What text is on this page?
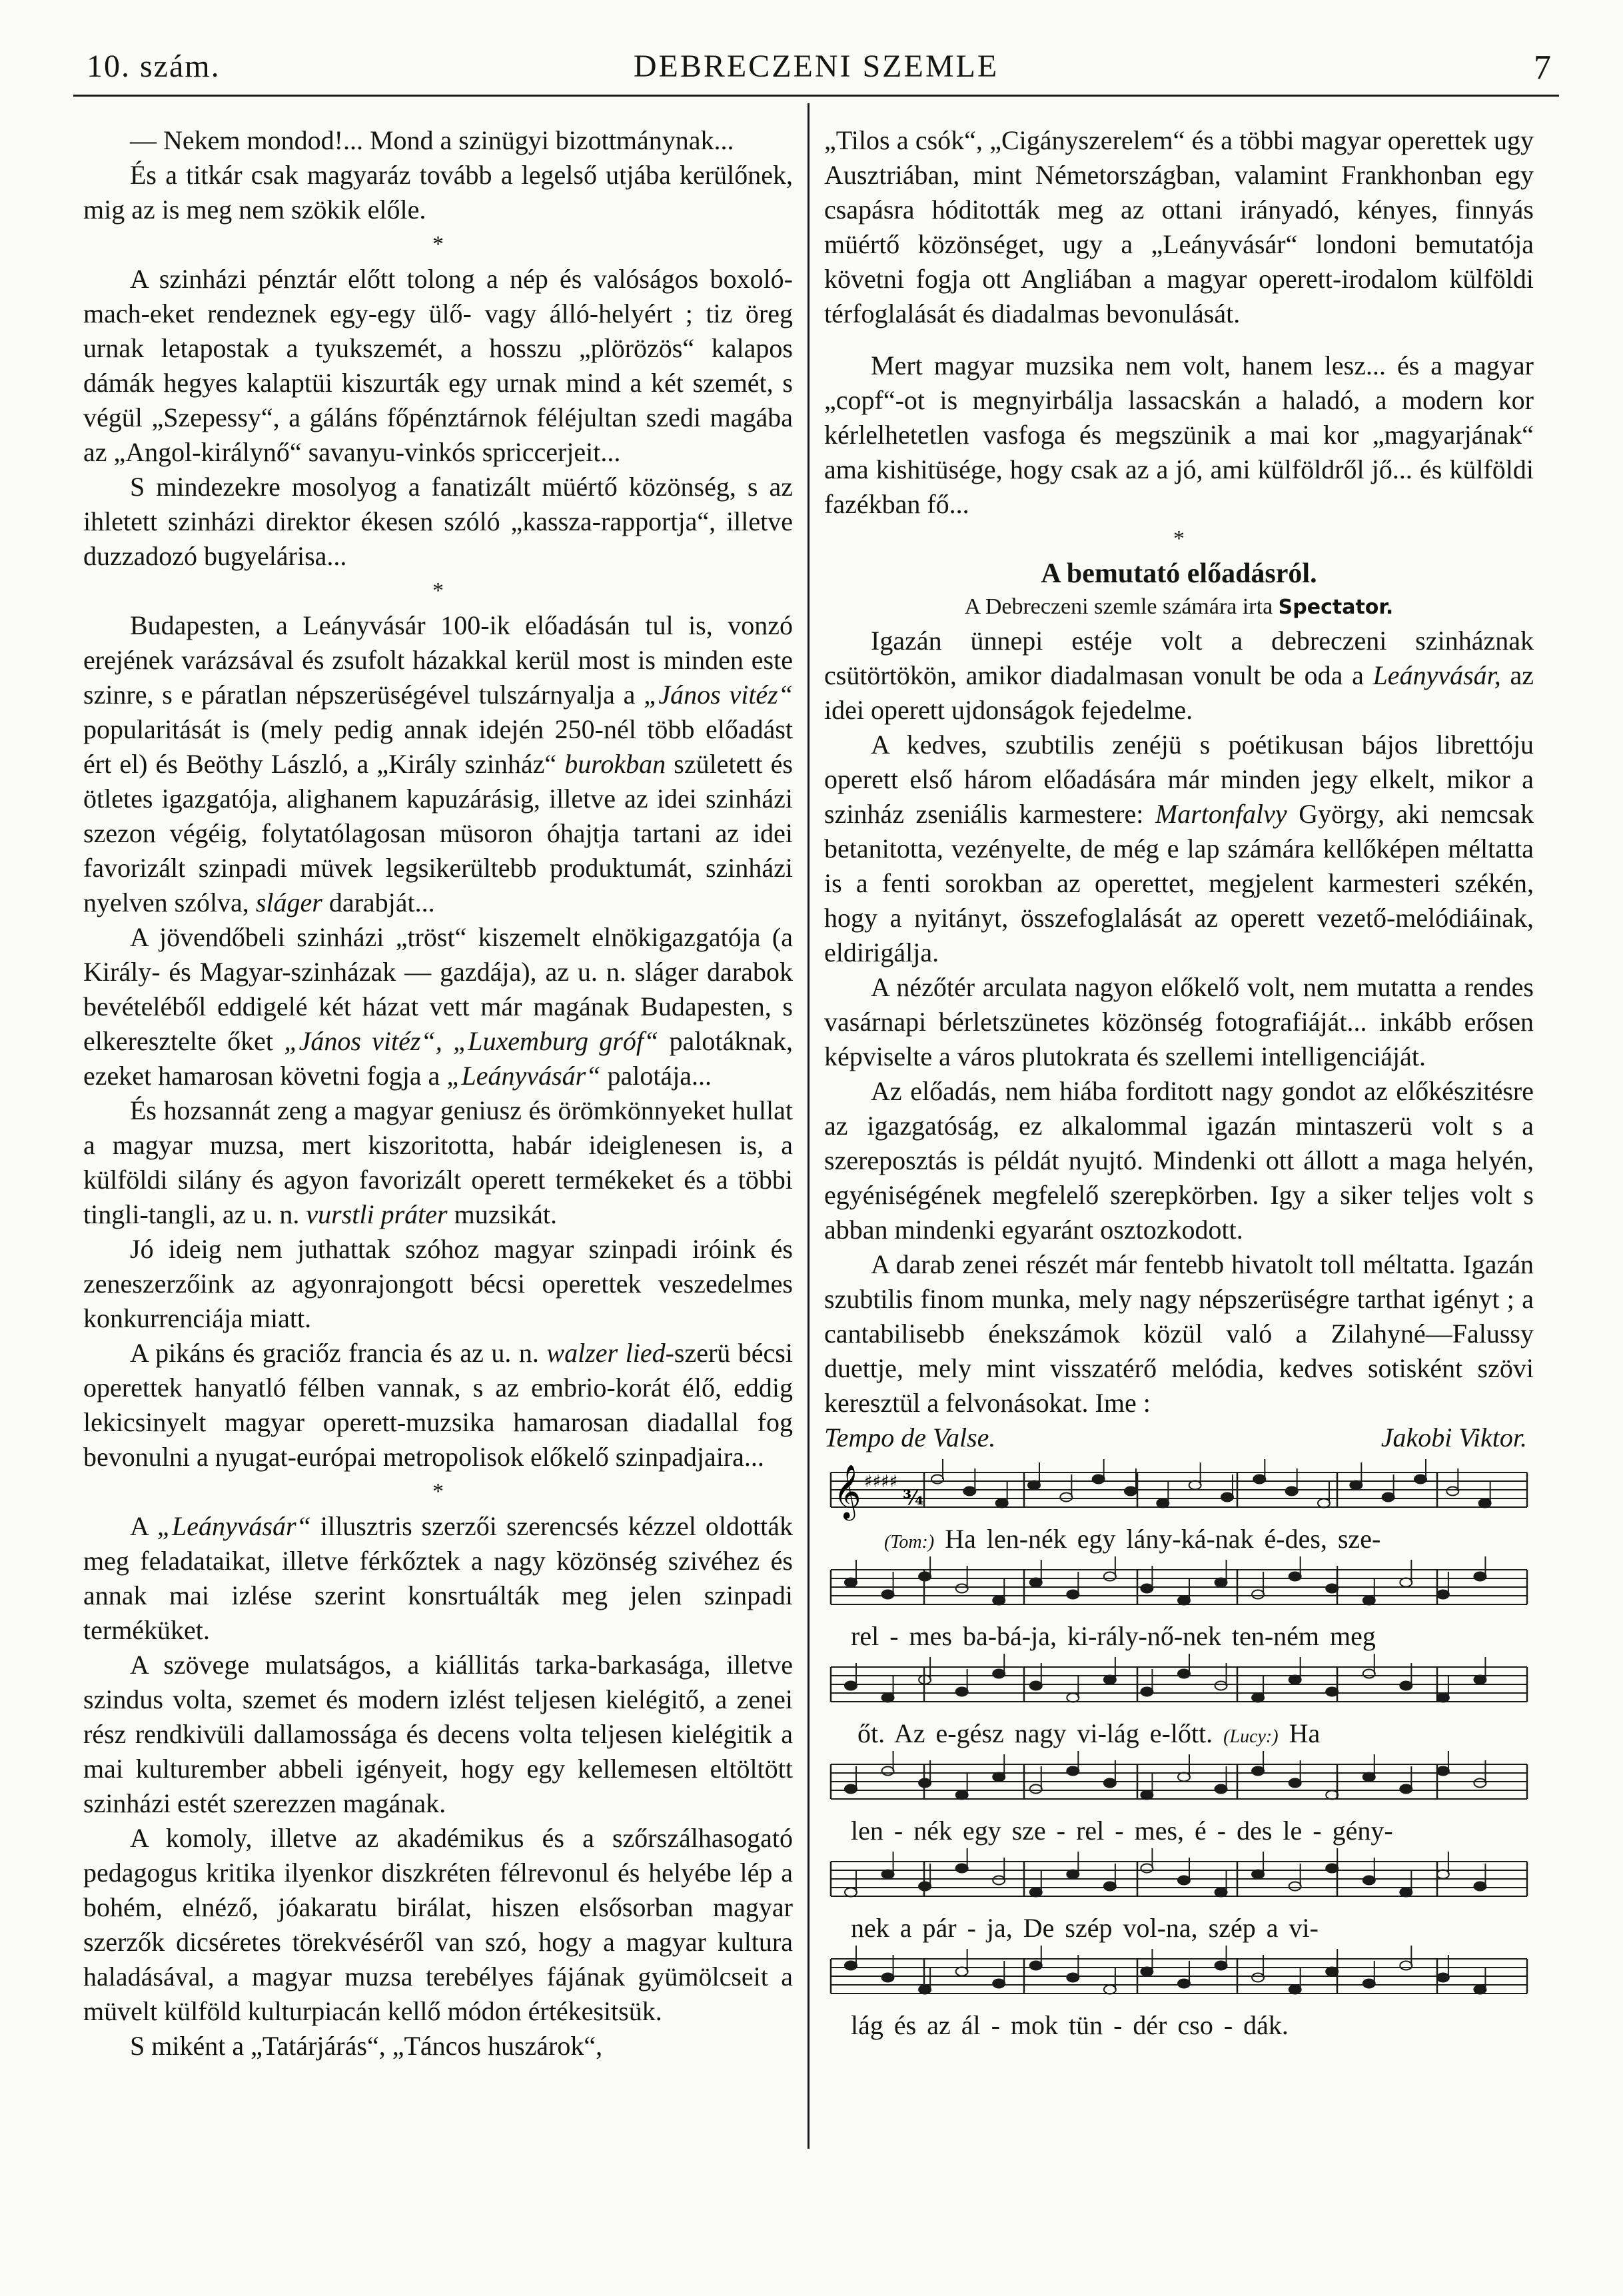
10. szám.	DEBRECZENI SZEMLE	7

— Nekem mondod!... Mond a szinügyi bizottmánynak...

És a titkár csak magyaráz tovább a legelső utjába kerülőnek, mig az is meg nem szökik előle.

*

A szinházi pénztár előtt tolong a nép és valóságos boxoló-mach-eket rendeznek egy-egy ülő- vagy álló-helyért ; tiz öreg urnak letapostak a tyukszemét, a hosszu „plörözös“ kalapos dámák hegyes kalaptüi kiszurták egy urnak mind a két szemét, s végül „Szepessy“, a gáláns főpénztárnok féléjultan szedi magába az „Angol-királynő“ savanyu-vinkós spriccerjeit...

S mindezekre mosolyog a fanatizált müértő közönség, s az ihletett szinházi direktor ékesen szóló „kassza-rapportja“, illetve duzzadozó bugyelárisa...

*

Budapesten, a Leányvásár 100-ik előadásán tul is, vonzó erejének varázsával és zsufolt házakkal kerül most is minden este szinre, s e páratlan népszerüségével tulszárnyalja a „János vitéz“ popularitását is (mely pedig annak idején 250-nél több előadást ért el) és Beöthy László, a „Király szinház“ burokban született és ötletes igazgatója, alighanem kapuzárásig, illetve az idei szinházi szezon végéig, folytatólagosan müsoron óhajtja tartani az idei favorizált szinpadi müvek legsikerültebb produktumát, szinházi nyelven szólva, sláger darabját...

A jövendőbeli szinházi „tröst“ kiszemelt elnökigazgatója (a Király- és Magyar-szinházak — gazdája), az u. n. sláger darabok bevételéből eddigelé két házat vett már magának Budapesten, s elkeresztelte őket „János vitéz“, „Luxemburg gróf“ palotáknak, ezeket hamarosan követni fogja a „Leányvásár“ palotája...

És hozsannát zeng a magyar geniusz és örömkönnyeket hullat a magyar muzsa, mert kiszoritotta, habár ideiglenesen is, a külföldi silány és agyon favorizált operett termékeket és a többi tingli-tangli, az u. n. vurstli práter muzsikát.

Jó ideig nem juthattak szóhoz magyar szinpadi iróink és zeneszerzőink az agyonrajongott bécsi operettek veszedelmes konkurrenciája miatt.

A pikáns és graciőz francia és az u. n. walzer lied-szerü bécsi operettek hanyatló félben vannak, s az embrio-korát élő, eddig lekicsinyelt magyar operett-muzsika hamarosan diadallal fog bevonulni a nyugat-európai metropolisok előkelő szinpadjaira...

*

A „Leányvásár“ illusztris szerzői szerencsés kézzel oldották meg feladataikat, illetve férkőztek a nagy közönség szivéhez és annak mai izlése szerint konsrtuálták meg jelen szinpadi terméküket.

A szövege mulatságos, a kiállitás tarka-barkasága, illetve szindus volta, szemet és modern izlést teljesen kielégitő, a zenei rész rendkivüli dallamossága és decens volta teljesen kielégitik a mai kulturember abbeli igényeit, hogy egy kellemesen eltöltött szinházi estét szerezzen magának.

A komoly, illetve az akadémikus és a szőrszálhasogató pedagogus kritika ilyenkor diszkréten félrevonul és helyébe lép a bohém, elnéző, jóakaratu birálat, hiszen elsősorban magyar szerzők dicséretes törekvéséről van szó, hogy a magyar kultura haladásával, a magyar muzsa terebélyes fájának gyümölcseit a müvelt külföld kulturpiacán kellő módon értékesitsük.

S miként a „Tatárjárás“, „Táncos huszárok“,

„Tilos a csók“, „Cigányszerelem“ és a többi magyar operettek ugy Ausztriában, mint Németországban, valamint Frankhonban egy csapásra hóditották meg az ottani irányadó, kényes, finnyás müértő közönséget, ugy a „Leányvásár“ londoni bemutatója követni fogja ott Angliában a magyar operett-irodalom külföldi térfoglalását és diadalmas bevonulását.

Mert magyar muzsika nem volt, hanem lesz... és a magyar „copf“-ot is megnyirbálja lassacskán a haladó, a modern kor kérlelhetetlen vasfoga és megszünik a mai kor „magyarjának“ ama kishitüsége, hogy csak az a jó, ami külföldről jő... és külföldi fazékban fő...

*

A bemutató előadásról.

A Debreczeni szemle számára irta Spectator.

Igazán ünnepi estéje volt a debreczeni szinháznak csütörtökön, amikor diadalmasan vonult be oda a Leányvásár, az idei operett ujdonságok fejedelme.

A kedves, szubtilis zenéjü s poétikusan bájos librettóju operett első három előadására már minden jegy elkelt, mikor a szinház zseniális karmestere: Martonfalvy György, aki nemcsak betanitotta, vezényelte, de még e lap számára kellőképen méltatta is a fenti sorokban az operettet, megjelent karmesteri székén, hogy a nyitányt, összefoglalását az operett vezető-melódiáinak, eldirigálja.

A nézőtér arculata nagyon előkelő volt, nem mutatta a rendes vasárnapi bérletszünetes közönség fotografiáját... inkább erősen képviselte a város plutokrata és szellemi intelligenciáját.

Az előadás, nem hiába forditott nagy gondot az előkészitésre az igazgatóság, ez alkalommal igazán mintaszerü volt s a szereposztás is példát nyujtó. Mindenki ott állott a maga helyén, egyéniségének megfelelő szerepkörben. Igy a siker teljes volt s abban mindenki egyaránt osztozkodott.

A darab zenei részét már fentebb hivatolt toll méltatta. Igazán szubtilis finom munka, mely nagy népszerüségre tarthat igényt ; a cantabilisebb énekszámok közül való a Zilahyné—Falussy duettje, mely mint visszatérő melódia, kedves sotisként szövi keresztül a felvonásokat. Ime :

Tempo de Valse.	Jakobi Viktor.
𝄞 ♯♯♯♯
¾
(Tom:) Ha len-nék egy lány-ká-nak é-des, sze-
rel - mes ba-bá-ja, ki-rály-nő-nek ten-ném meg
őt. Az e-gész nagy vi-lág e-lőtt. (Lucy:) Ha
len - nék egy sze - rel - mes, é - des le - gény-
nek a pár - ja, De szép vol-na, szép a vi-
lág és az ál - mok tün - dér cso - dák.
